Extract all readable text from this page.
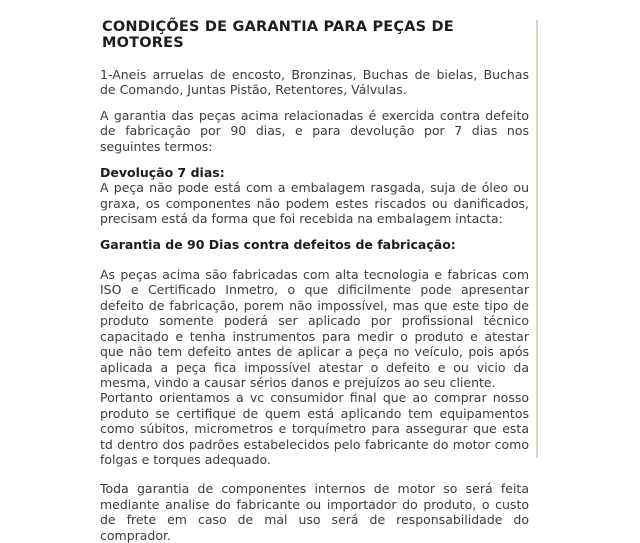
CONDIÇÕES DE GARANTIA PARA PEÇAS DE MOTORES

1-Aneis arruelas de encosto, Bronzinas, Buchas de bielas, Buchas de Comando, Juntas Pistão, Retentores, Válvulas.

A garantia das peças acima relacionadas é exercida contra defeito de fabricação por 90 dias, e para devolução por 7 dias nos seguintes termos:

Devolução 7 dias:

A peça não pode está com a embalagem rasgada, suja de óleo ou graxa, os componentes não podem estes riscados ou danificados, precisam está da forma que foi recebida na embalagem intacta:

Garantia de 90 Dias contra defeitos de fabricação:

As peças acima são fabricadas com alta tecnologia e fabricas com ISO e Certificado Inmetro, o que dificilmente pode apresentar defeito de fabricação, porem não impossível, mas que este tipo de produto somente poderá ser aplicado por profissional técnico capacitado e tenha instrumentos para medir o produto e atestar que não tem defeito antes de aplicar a peça no veículo, pois após aplicada a peça fica impossível atestar o defeito e ou vicio da mesma, vindo a causar sérios danos e prejuízos ao seu cliente.

Portanto orientamos a vc consumidor final que ao comprar nosso produto se certifique de quem está aplicando tem equipamentos como súbitos, micrometros e torquímetro para assegurar que esta td dentro dos padrões estabelecidos pelo fabricante do motor como folgas e torques adequado.

Toda garantia de componentes internos de motor so será feita mediante analise do fabricante ou importador do produto, o custo de frete em caso de mal uso será de responsabilidade do comprador.
